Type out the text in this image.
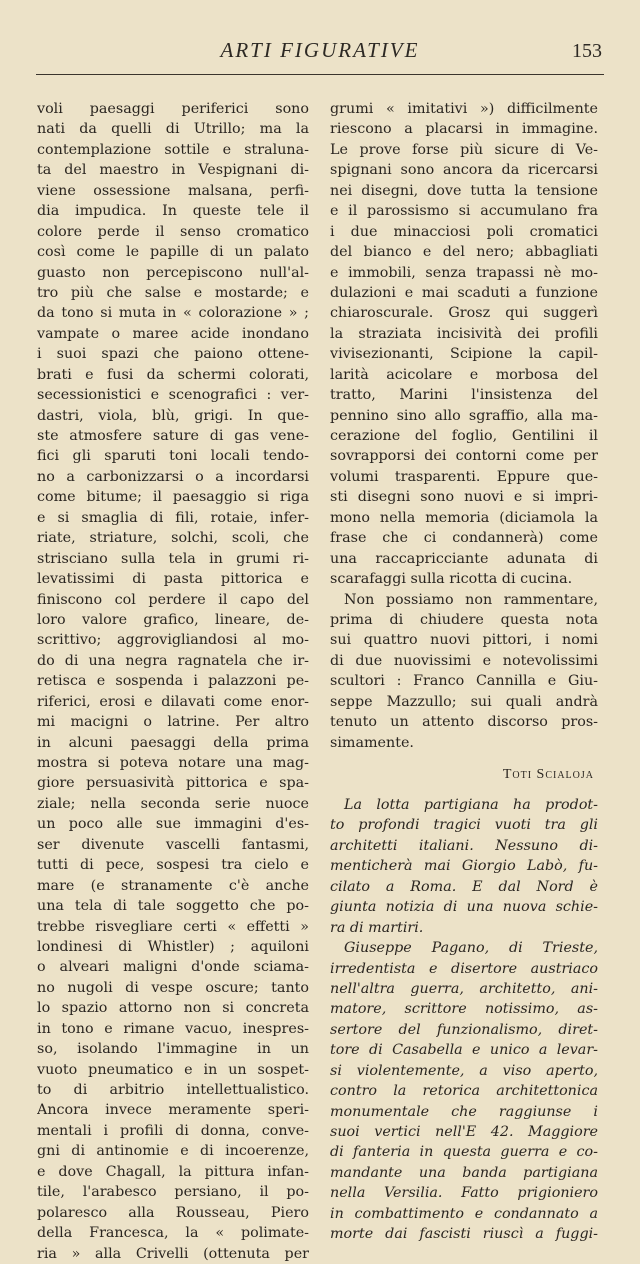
ARTI FIGURATIVE	153
voli paesaggi periferici sono
nati da quelli di Utrillo; ma la
contemplazione sottile e straluna-
ta del maestro in Vespignani di-
viene ossessione malsana, perfi-
dia impudica. In queste tele il
colore perde il senso cromatico
così come le papille di un palato
guasto non percepiscono null'al-
tro più che salse e mostarde; e
da tono si muta in « colorazione » ;
vampate o maree acide inondano
i suoi spazi che paiono ottene-
brati e fusi da schermi colorati,
secessionistici e scenografici : ver-
dastri, viola, blù, grigi. In que-
ste atmosfere sature di gas vene-
fici gli sparuti toni locali tendo-
no a carbonizzarsi o a incordarsi
come bitume; il paesaggio si riga
e si smaglia di fili, rotaie, infer-
riate, striature, solchi, scoli, che
strisciano sulla tela in grumi ri-
levatissimi di pasta pittorica e
finiscono col perdere il capo del
loro valore grafico, lineare, de-
scrittivo; aggrovigliandosi al mo-
do di una negra ragnatela che ir-
retisca e sospenda i palazzoni pe-
riferici, erosi e dilavati come enor-
mi macigni o latrine. Per altro
in alcuni paesaggi della prima
mostra si poteva notare una mag-
giore persuasività pittorica e spa-
ziale; nella seconda serie nuoce
un poco alle sue immagini d'es-
ser divenute vascelli fantasmi,
tutti di pece, sospesi tra cielo e
mare (e stranamente c'è anche
una tela di tale soggetto che po-
trebbe risvegliare certi « effetti »
londinesi di Whistler) ; aquiloni
o alveari maligni d'onde sciama-
no nugoli di vespe oscure; tanto
lo spazio attorno non si concreta
in tono e rimane vacuo, inespres-
so, isolando l'immagine in un
vuoto pneumatico e in un sospet-
to di arbitrio intellettualistico.
Ancora invece meramente speri-
mentali i profili di donna, conve-
gni di antinomie e di incoerenze,
e dove Chagall, la pittura infan-
tile, l'arabesco persiano, il po-
polaresco alla Rousseau, Piero
della Francesca, la « polimate-
ria » alla Crivelli (ottenuta per
grumi « imitativi ») difficilmente
riescono a placarsi in immagine.
Le prove forse più sicure di Ve-
spignani sono ancora da ricercarsi
nei disegni, dove tutta la tensione
e il parossismo si accumulano fra
i due minacciosi poli cromatici
del bianco e del nero; abbagliati
e immobili, senza trapassi nè mo-
dulazioni e mai scaduti a funzione
chiaroscurale. Grosz qui suggerì
la straziata incisività dei profili
vivisezionanti, Scipione la capil-
larità acicolare e morbosa del
tratto, Marini l'insistenza del
pennino sino allo sgraffio, alla ma-
cerazione del foglio, Gentilini il
sovrapporsi dei contorni come per
volumi trasparenti. Eppure que-
sti disegni sono nuovi e si impri-
mono nella memoria (diciamola la
frase che ci condannerà) come
una raccapricciante adunata di
scarafaggi sulla ricotta di cucina.
Non possiamo non rammentare,
prima di chiudere questa nota
sui quattro nuovi pittori, i nomi
di due nuovissimi e notevolissimi
scultori : Franco Cannilla e Giu-
seppe Mazzullo; sui quali andrà
tenuto un attento discorso pros-
simamente.
Toti Scialoja
La lotta partigiana ha prodot-
to profondi tragici vuoti tra gli
architetti italiani. Nessuno di-
menticherà mai Giorgio Labò, fu-
cilato a Roma. E dal Nord è
giunta notizia di una nuova schie-
ra di martiri.
Giuseppe Pagano, di Trieste,
irredentista e disertore austriaco
nell'altra guerra, architetto, ani-
matore, scrittore notissimo, as-
sertore del funzionalismo, diret-
tore di Casabella e unico a levar-
si violentemente, a viso aperto,
contro la retorica architettonica
monumentale che raggiunse i
suoi vertici nell'E 42. Maggiore
di fanteria in questa guerra e co-
mandante una banda partigiana
nella Versilia. Fatto prigioniero
in combattimento e condannato a
morte dai fascisti riuscì a fuggi-
